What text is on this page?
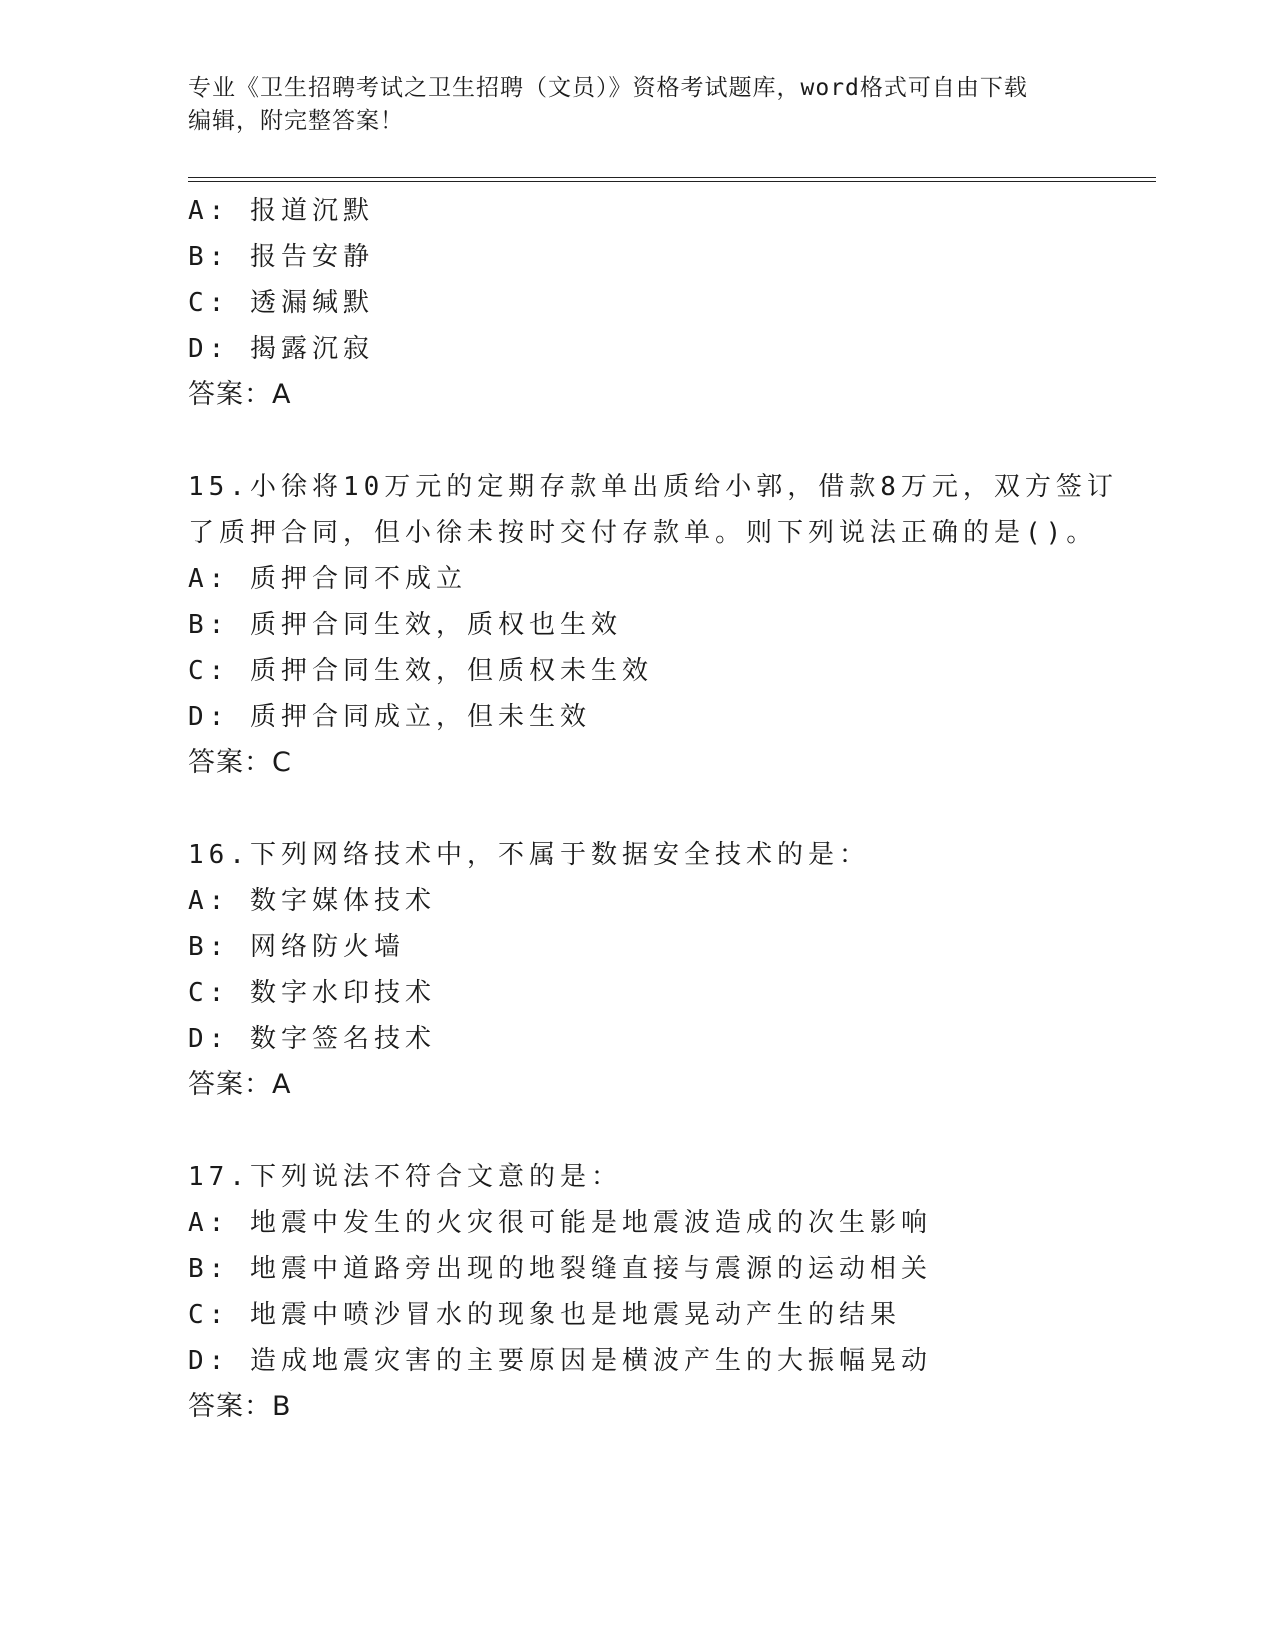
专业《卫生招聘考试之卫生招聘（文员）》资格考试题库，word格式可自由下载
编辑，附完整答案！
A: 报道沉默
B: 报告安静
C: 透漏缄默
D: 揭露沉寂
答案：A
15.小徐将10万元的定期存款单出质给小郭，借款8万元，双方签订
了质押合同，但小徐未按时交付存款单。则下列说法正确的是()。
A: 质押合同不成立
B: 质押合同生效，质权也生效
C: 质押合同生效，但质权未生效
D: 质押合同成立，但未生效
答案：C
16.下列网络技术中，不属于数据安全技术的是：
A: 数字媒体技术
B: 网络防火墙
C: 数字水印技术
D: 数字签名技术
答案：A
17.下列说法不符合文意的是：
A: 地震中发生的火灾很可能是地震波造成的次生影响
B: 地震中道路旁出现的地裂缝直接与震源的运动相关
C: 地震中喷沙冒水的现象也是地震晃动产生的结果
D: 造成地震灾害的主要原因是横波产生的大振幅晃动
答案：B
